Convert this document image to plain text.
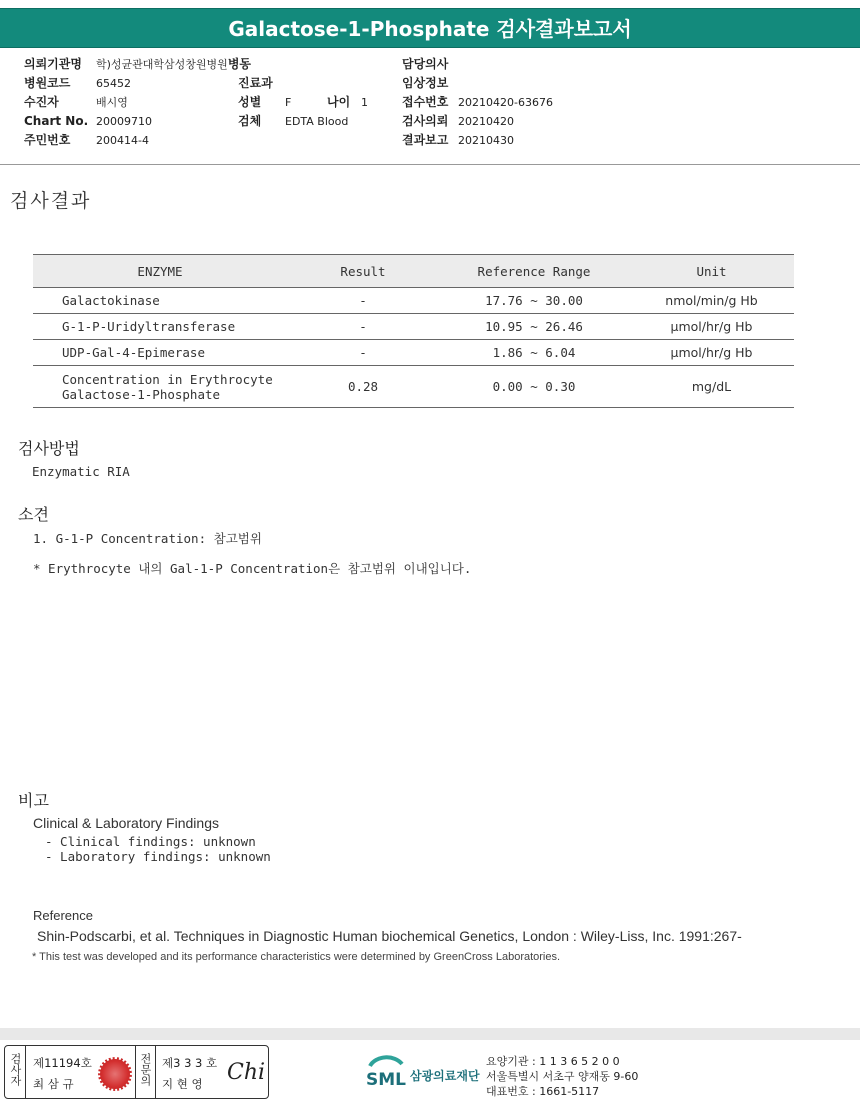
Galactose-1-Phosphate 검사결과보고서
의뢰기관명 학)성균관대학삼성창원병원병동
병원코드 65452
수진자	배시영
Chart No. 20009710
주민번호 200414-4
진료과
성별 F	나이 1
검체 EDTA Blood
담당의사
임상정보
접수번호 20210420-63676
검사의뢰 20210420
결과보고 20210430
검사결과
ENZYME	Result	Reference Range	Unit
Galactokinase	-	17.76 ~ 30.00	nmol/min/g Hb
G-1-P-Uridyltransferase	-	10.95 ~ 26.46	μmol/hr/g Hb
UDP-Gal-4-Epimerase	-	1.86 ~ 6.04	μmol/hr/g Hb

Concentration in Erythrocyte
Galactose-1-Phosphate	0.28	0.00 ~ 0.30	mg/dL
검사방법
Enzymatic RIA
소견
1. G-1-P Concentration: 참고범위
* Erythrocyte 내의 Gal-1-P Concentration은 참고범위 이내입니다.
비고
Clinical & Laboratory Findings
- Clinical findings: unknown
- Laboratory findings: unknown
Reference
Shin-Podscarbi, et al. Techniques in Diagnostic Human biochemical Genetics, London : Wiley-Liss, Inc. 1991:267-
* This test was developed and its performance characteristics were determined by GreenCross Laboratories.
검사자 제11194호
최 삼 규	전문의 제3 3 3 호
지 현 영 Chi	SML 삼광의료재단
요양기관 : 1 1 3 6 5 2 0 0
서울특별시 서초구 양재동 9-60
대표번호 : 1661-5117
